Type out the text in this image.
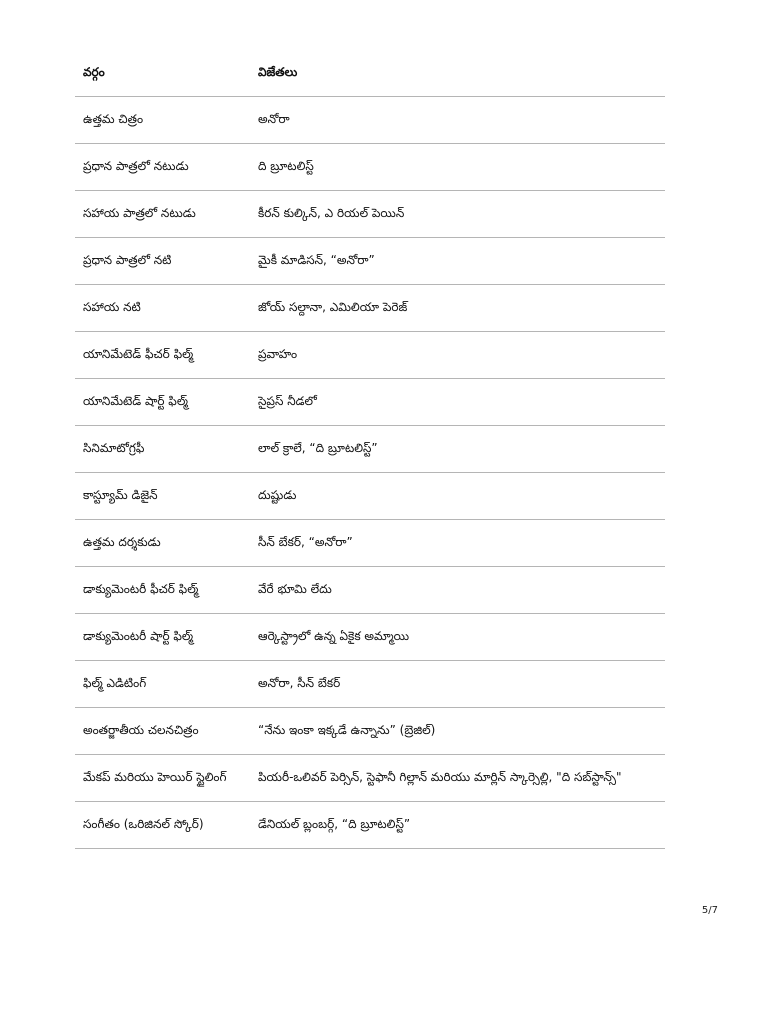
వర్గం	విజేతలు
ఉత్తమ చిత్రం	అనోరా
ప్రధాన పాత్రలో నటుడు	ది బ్రూటలిస్ట్
సహాయ పాత్రలో నటుడు	కీరన్ కుల్కిన్, ఎ రియల్ పెయిన్
ప్రధాన పాత్రలో నటి	మైకీ మాడిసన్, “అనోరా”
సహాయ నటి	జోయ్ సల్దానా, ఎమిలియా పెరెజ్
యానిమేటెడ్ ఫీచర్ ఫిల్మ్	ప్రవాహం
యానిమేటెడ్ షార్ట్ ఫిల్మ్	సైప్రస్ నీడలో
సినిమాటోగ్రఫీ	లాల్ క్రాలే, “ది బ్రూటలిస్ట్”
కాస్ట్యూమ్ డిజైన్	దుష్టుడు
ఉత్తమ దర్శకుడు	సీన్ బేకర్, “అనోరా”
డాక్యుమెంటరీ ఫీచర్ ఫిల్మ్	వేరే భూమి లేదు
డాక్యుమెంటరీ షార్ట్ ఫిల్మ్	ఆర్కెస్ట్రాలో ఉన్న ఏకైక అమ్మాయి
ఫిల్మ్ ఎడిటింగ్	అనోరా, సీన్ బేకర్
అంతర్జాతీయ చలనచిత్రం	“నేను ఇంకా ఇక్కడే ఉన్నాను” (బ్రెజిల్)
మేకప్ మరియు హెయిర్ స్టైలింగ్	పియరీ-ఒలివర్ పెర్సిన్, స్టెఫానీ గిల్లాన్ మరియు మార్లిన్ స్కార్సెల్లి, "ది సబ్‌స్టాన్స్"
సంగీతం (ఒరిజినల్ స్కోర్)	డేనియల్ బ్లంబర్గ్, “ది బ్రూటలిస్ట్”
5/7
